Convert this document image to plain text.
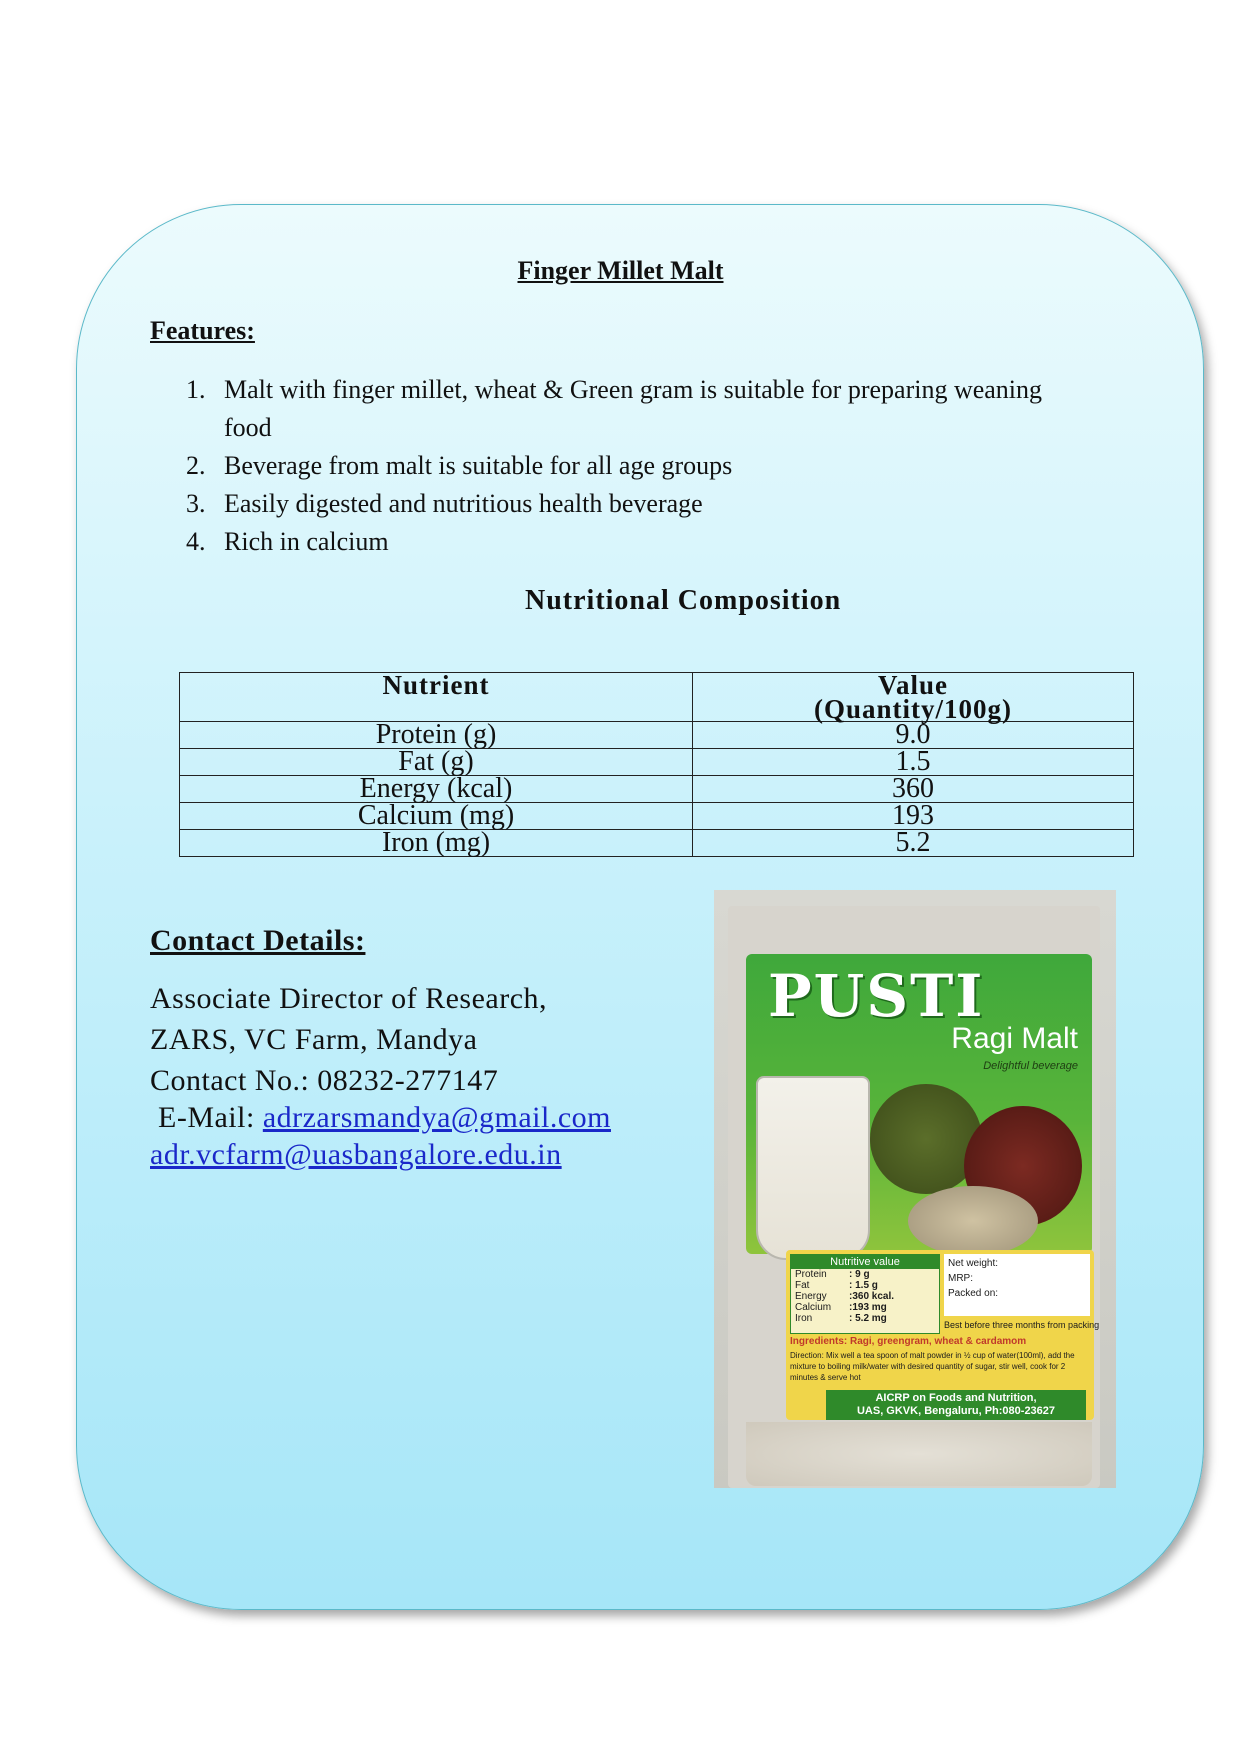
Finger Millet Malt
Features:
1. Malt with finger millet, wheat & Green gram is suitable for preparing weaning food
2. Beverage from malt is suitable for all age groups
3. Easily digested and nutritious health beverage
4. Rich in calcium
Nutritional Composition
Nutrient	Value
(Quantity/100g)
Protein (g)	9.0
Fat (g)	1.5
Energy (kcal)	360
Calcium (mg)	193
Iron (mg)	5.2
Contact Details:

Associate Director of Research,

ZARS, VC Farm, Mandya

Contact No.: 08232-277147

E-Mail: adrzarsmandya@gmail.com

adr.vcfarm@uasbangalore.edu.in

PUSTI

Ragi Malt

Delightful beverage

Nutritive value

Protein : 9 g
Fat	: 1.5 g
Energy :360 kcal.
Calcium :193 mg
Iron	: 5.2 mg
Net weight:
MRP:
Packed on:
Best before three months from packing
Ingredients: Ragi, greengram, wheat & cardamom
Direction: Mix well a tea spoon of malt powder in ½ cup of water(100ml), add the mixture to boiling milk/water with desired quantity of sugar, stir well, cook for 2 minutes & serve hot
AICRP on Foods and Nutrition,
UAS, GKVK, Bengaluru, Ph:080-23627
